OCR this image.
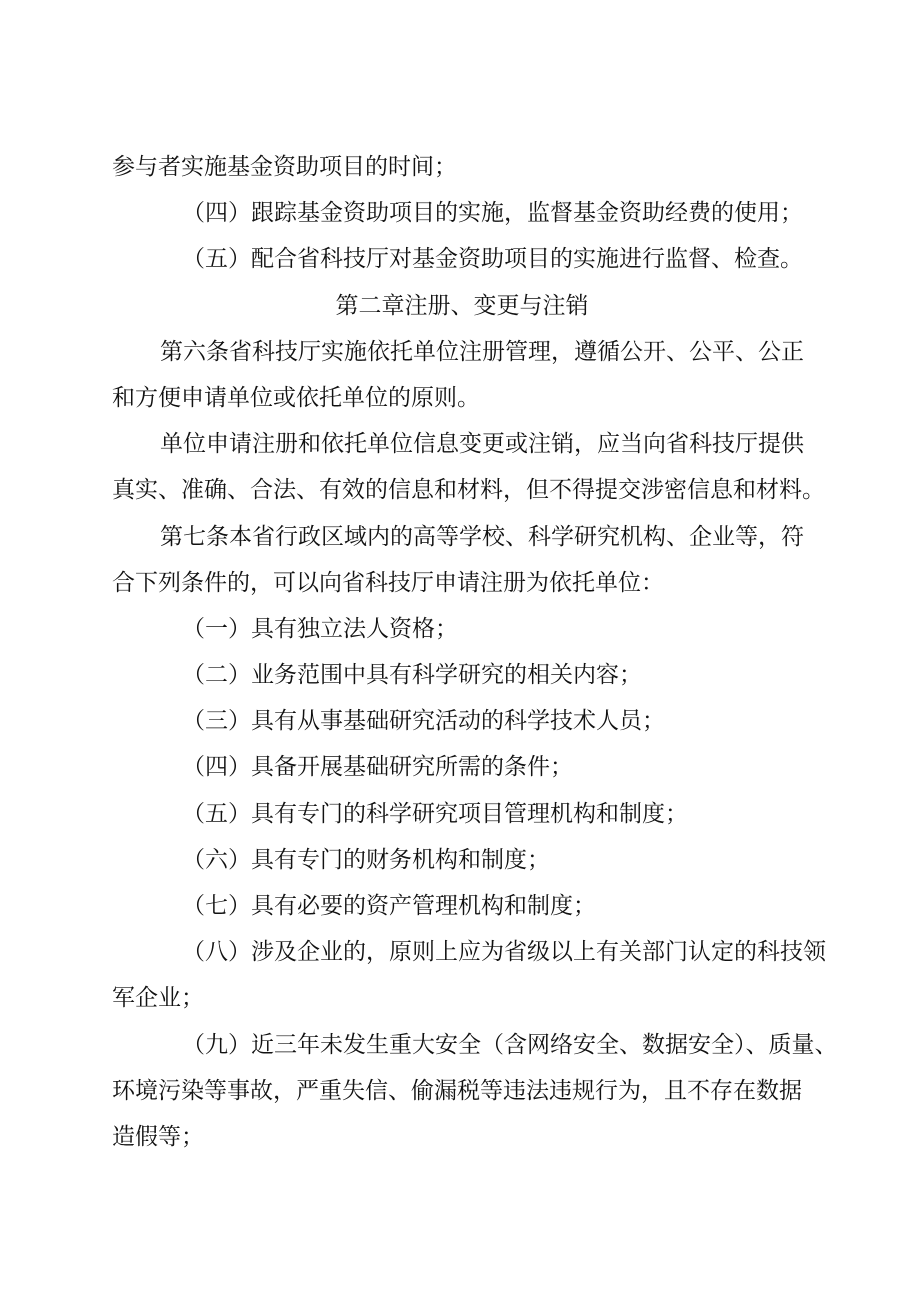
参与者实施基金资助项目的时间；

（四）跟踪基金资助项目的实施，监督基金资助经费的使用；

（五）配合省科技厅对基金资助项目的实施进行监督、检查。

第二章注册、变更与注销

第六条省科技厅实施依托单位注册管理，遵循公开、公平、公正

和方便申请单位或依托单位的原则。

单位申请注册和依托单位信息变更或注销，应当向省科技厅提供

真实、准确、合法、有效的信息和材料，但不得提交涉密信息和材料。

第七条本省行政区域内的高等学校、科学研究机构、企业等，符

合下列条件的，可以向省科技厅申请注册为依托单位：

（一）具有独立法人资格；

（二）业务范围中具有科学研究的相关内容；

（三）具有从事基础研究活动的科学技术人员；

（四）具备开展基础研究所需的条件；

（五）具有专门的科学研究项目管理机构和制度；

（六）具有专门的财务机构和制度；

（七）具有必要的资产管理机构和制度；

（八）涉及企业的，原则上应为省级以上有关部门认定的科技领

军企业；

（九）近三年未发生重大安全（含网络安全、数据安全）、质量、

环境污染等事故，严重失信、偷漏税等违法违规行为，且不存在数据

造假等；
